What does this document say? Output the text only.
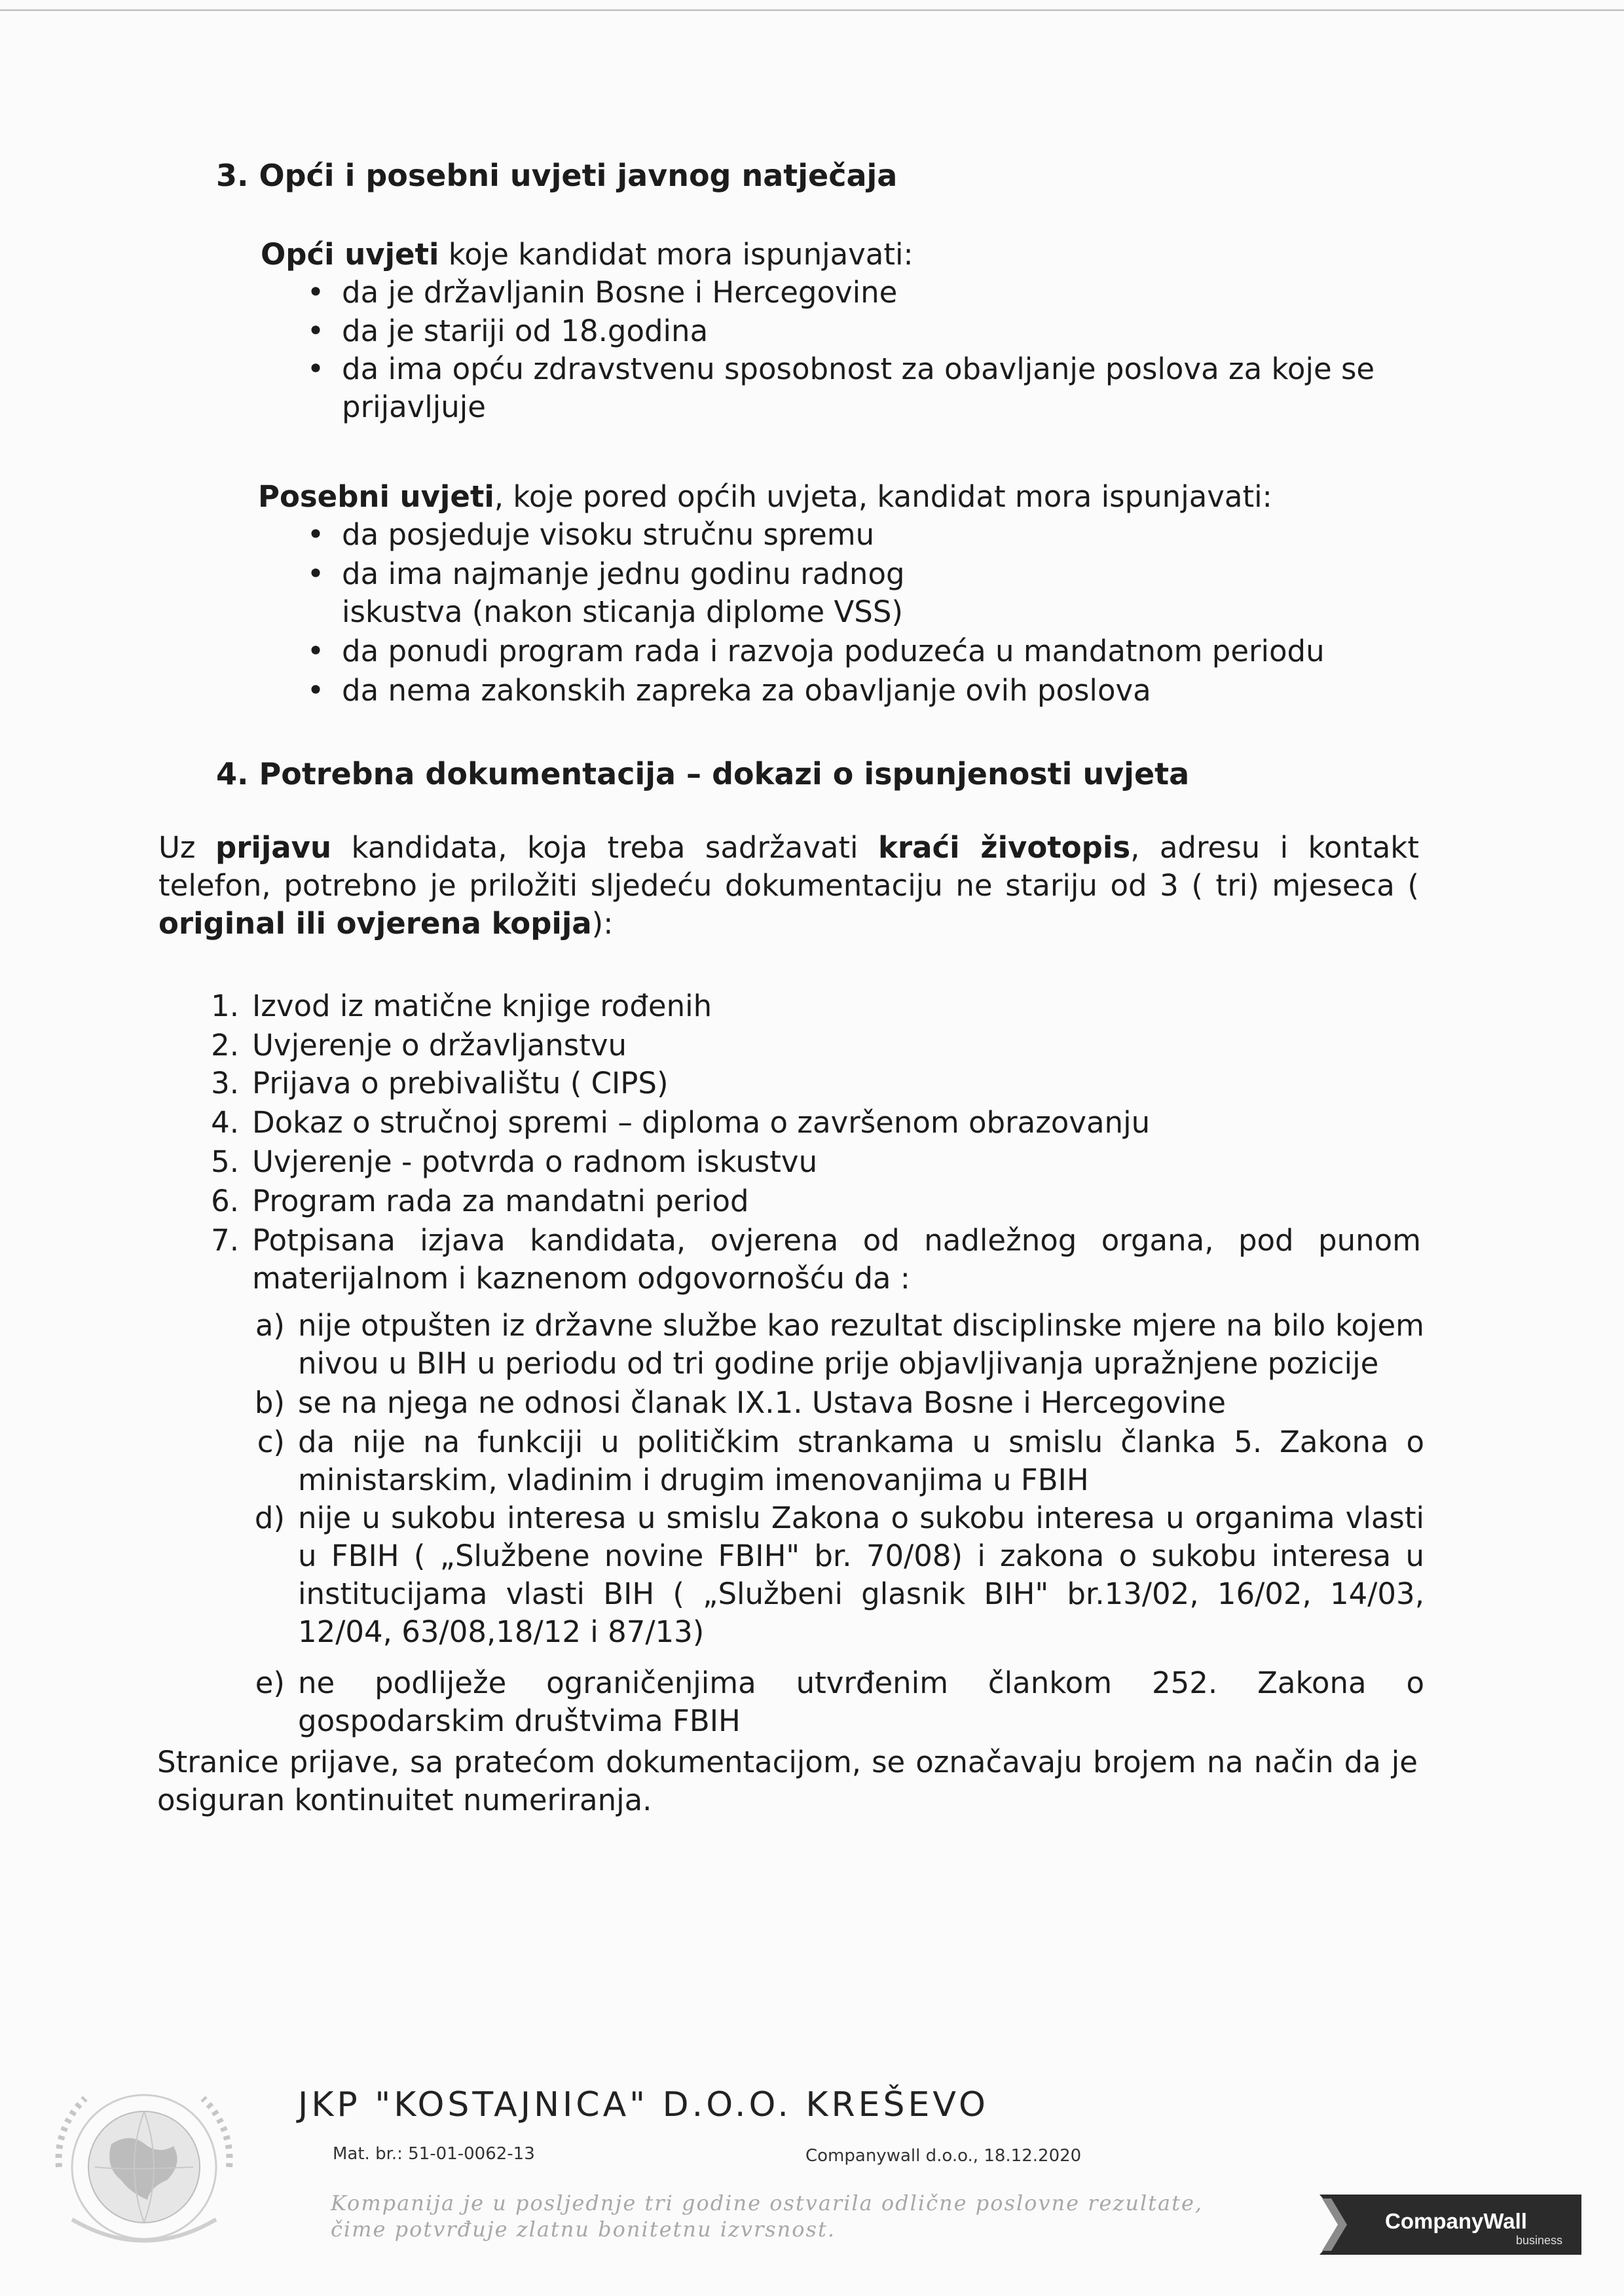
3. Opći i posebni uvjeti javnog natječaja
Opći uvjeti koje kandidat mora ispunjavati:
• da je državljanin Bosne i Hercegovine
• da je stariji od 18.godina
• da ima opću zdravstvenu sposobnost za obavljanje poslova za koje se prijavljuje
Posebni uvjeti, koje pored općih uvjeta, kandidat mora ispunjavati:
• da posjeduje visoku stručnu spremu
• da ima najmanje jednu godinu radnog iskustva (nakon sticanja diplome VSS)
• da ponudi program rada i razvoja poduzeća u mandatnom periodu
• da nema zakonskih zapreka za obavljanje ovih poslova
4. Potrebna dokumentacija – dokazi o ispunjenosti uvjeta
Uz prijavu kandidata, koja treba sadržavati kraći životopis, adresu i kontakt telefon, potrebno je priložiti sljedeću dokumentaciju ne stariju od 3 ( tri) mjeseca ( original ili ovjerena kopija):
1. Izvod iz matične knjige rođenih
2. Uvjerenje o državljanstvu
3. Prijava o prebivalištu ( CIPS)
4. Dokaz o stručnoj spremi – diploma o završenom obrazovanju
5. Uvjerenje - potvrda o radnom iskustvu
6. Program rada za mandatni period
7. Potpisana izjava kandidata, ovjerena od nadležnog organa, pod punom materijalnom i kaznenom odgovornošću da :
a) nije otpušten iz državne službe kao rezultat disciplinske mjere na bilo kojem nivou u BIH u periodu od tri godine prije objavljivanja upražnjene pozicije
b) se na njega ne odnosi članak IX.1. Ustava Bosne i Hercegovine
c) da nije na funkciji u političkim strankama u smislu članka 5. Zakona o ministarskim, vladinim i drugim imenovanjima u FBIH
d) nije u sukobu interesa u smislu Zakona o sukobu interesa u organima vlasti u FBIH ( „Službene novine FBIH" br. 70/08) i zakona o sukobu interesa u institucijama vlasti BIH ( „Službeni glasnik BIH" br.13/02, 16/02, 14/03, 12/04, 63/08,18/12 i 87/13)
e) ne podliježe ograničenjima utvrđenim člankom 252. Zakona o gospodarskim društvima FBIH
Stranice prijave, sa pratećom dokumentacijom, se označavaju brojem na način da je osiguran kontinuitet numeriranja.
JKP "KOSTAJNICA" D.O.O. KREŠEVO
Mat. br.: 51-01-0062-13	Companywall d.o.o., 18.12.2020
Kompanija je u posljednje tri godine ostvarila odlične poslovne rezultate, čime potvrđuje zlatnu bonitetnu izvrsnost.	CompanyWall
business
